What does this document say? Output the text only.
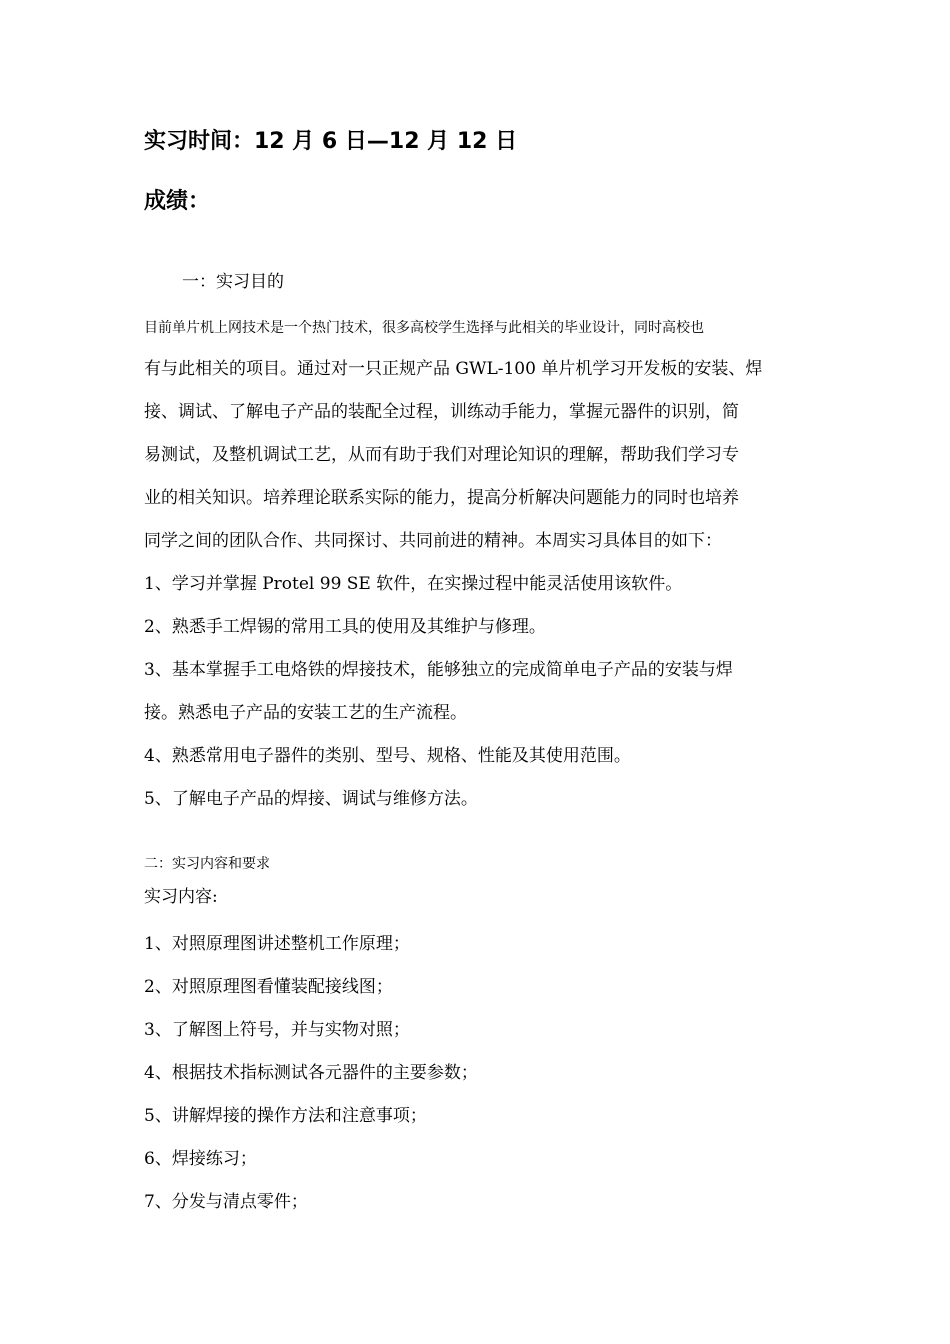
实习时间：12 月 6 日—12 月 12 日
成绩：
一：实习目的
目前单片机上网技术是一个热门技术，很多高校学生选择与此相关的毕业设计，同时高校也
有与此相关的项目。通过对一只正规产品 GWL-100 单片机学习开发板的安装、焊
接、调试、了解电子产品的装配全过程，训练动手能力，掌握元器件的识别，简
易测试，及整机调试工艺，从而有助于我们对理论知识的理解，帮助我们学习专
业的相关知识。培养理论联系实际的能力，提高分析解决问题能力的同时也培养
同学之间的团队合作、共同探讨、共同前进的精神。本周实习具体目的如下：
1、学习并掌握 Protel 99 SE 软件，在实操过程中能灵活使用该软件。
2、熟悉手工焊锡的常用工具的使用及其维护与修理。
3、基本掌握手工电烙铁的焊接技术，能够独立的完成简单电子产品的安装与焊
接。熟悉电子产品的安装工艺的生产流程。
4、熟悉常用电子器件的类别、型号、规格、性能及其使用范围。
5、了解电子产品的焊接、调试与维修方法。
二：实习内容和要求
实习内容:
1、对照原理图讲述整机工作原理；
2、对照原理图看懂装配接线图；
3、了解图上符号，并与实物对照；
4、根据技术指标测试各元器件的主要参数；
5、讲解焊接的操作方法和注意事项；
6、焊接练习；
7、分发与清点零件；
